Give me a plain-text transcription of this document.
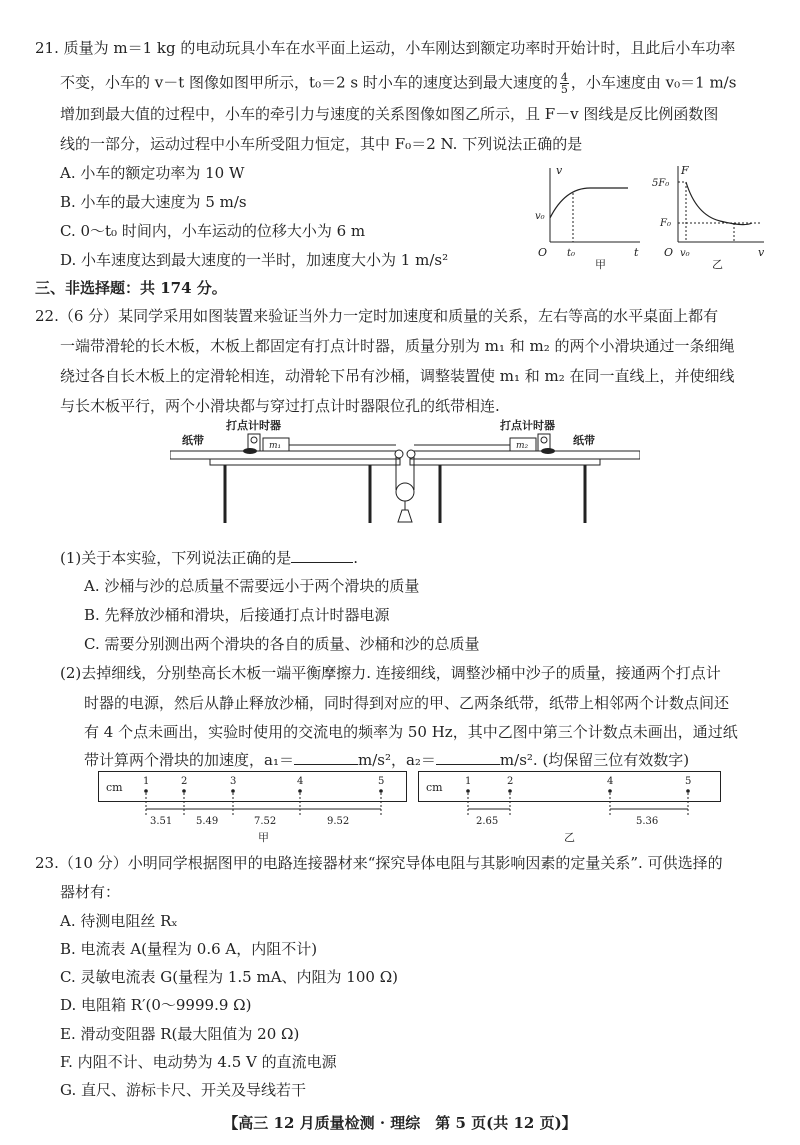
21. 质量为 m＝1 kg 的电动玩具小车在水平面上运动，小车刚达到额定功率时开始计时，且此后小车功率
不变，小车的 v－t 图像如图甲所示，t₀＝2 s 时小车的速度达到最大速度的 $\frac{4}{5}$ ，小车速度由 v₀＝1 m/s
增加到最大值的过程中，小车的牵引力与速度的关系图像如图乙所示，且 F－v 图线是反比例函数图
线的一部分，运动过程中小车所受阻力恒定，其中 F₀＝2 N. 下列说法正确的是
A. 小车的额定功率为 10 W
B. 小车的最大速度为 5 m/s
C. 0～t₀ 时间内，小车运动的位移大小为 6 m
D. 小车速度达到最大速度的一半时，加速度大小为 1 m/s²
v
v₀
O t₀	t
甲
F
5F₀
F₀
O v₀	v
乙
三、非选择题：共 174 分。
22.（6 分）某同学采用如图装置来验证当外力一定时加速度和质量的关系，左右等高的水平桌面上都有
一端带滑轮的长木板，木板上都固定有打点计时器，质量分别为 m₁ 和 m₂ 的两个小滑块通过一条细绳
绕过各自长木板上的定滑轮相连，动滑轮下吊有沙桶，调整装置使 m₁ 和 m₂ 在同一直线上，并使细线
与长木板平行，两个小滑块都与穿过打点计时器限位孔的纸带相连.
m₁	m₂
打点计时器	打点计时器
纸带	纸带
(1)关于本实验，下列说法正确的是	.
A. 沙桶与沙的总质量不需要远小于两个滑块的质量
B. 先释放沙桶和滑块，后接通打点计时器电源
C. 需要分别测出两个滑块的各自的质量、沙桶和沙的总质量
(2)去掉细线，分别垫高长木板一端平衡摩擦力. 连接细线，调整沙桶中沙子的质量，接通两个打点计
时器的电源，然后从静止释放沙桶，同时得到对应的甲、乙两条纸带，纸带上相邻两个计数点间还
有 4 个点未画出，实验时使用的交流电的频率为 50 Hz，其中乙图中第三个计数点未画出，通过纸
带计算两个滑块的加速度，a₁＝	m/s²，a₂＝	m/s². (均保留三位有效数字)
cm 1	2	3	4	5
3.51 5.49	7.52	9.52
甲
cm 1	2	4	5
2.65	5.36
乙
23.（10 分）小明同学根据图甲的电路连接器材来“探究导体电阻与其影响因素的定量关系”. 可供选择的
器材有：
A. 待测电阻丝 Rₓ
B. 电流表 A(量程为 0.6 A，内阻不计)
C. 灵敏电流表 G(量程为 1.5 mA、内阻为 100 Ω)
D. 电阻箱 R′(0～9999.9 Ω)
E. 滑动变阻器 R(最大阻值为 20 Ω)
F. 内阻不计、电动势为 4.5 V 的直流电源
G. 直尺、游标卡尺、开关及导线若干
【高三 12 月质量检测 · 理综　第 5 页(共 12 页)】
